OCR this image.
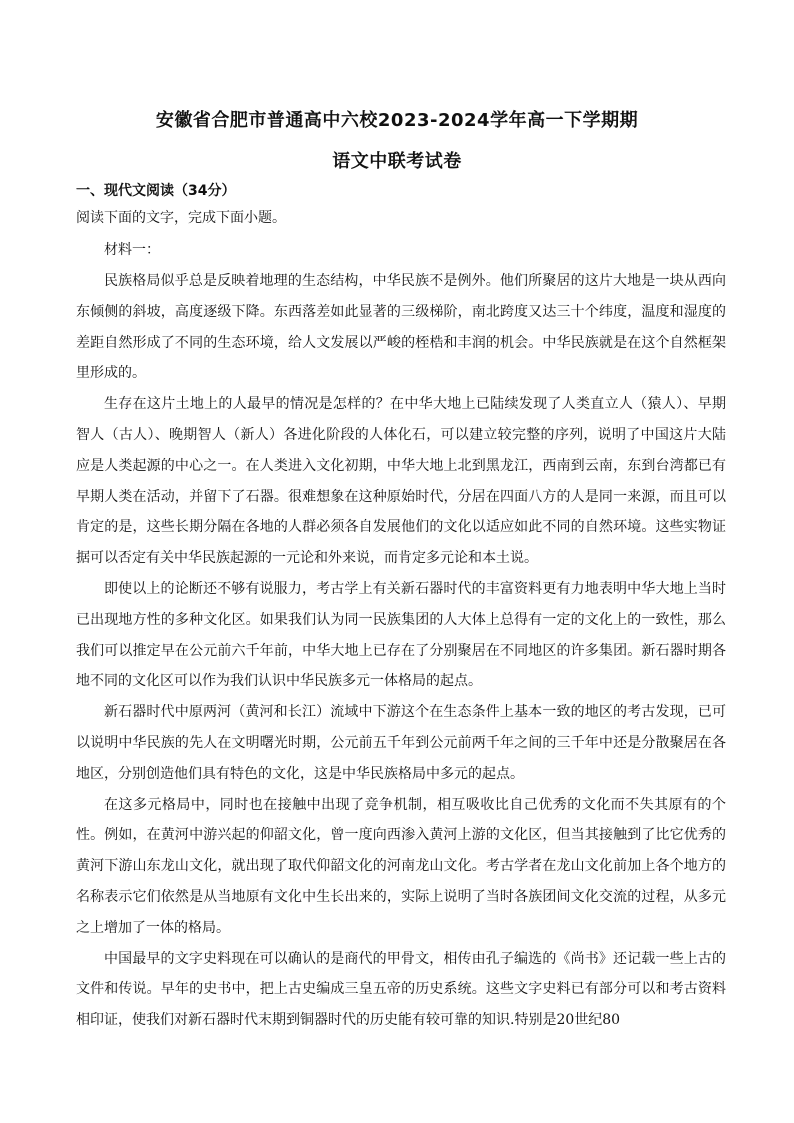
安徽省合肥市普通高中六校2023-2024学年高一下学期期
语文中联考试卷
一、现代文阅读（34分）
阅读下面的文字，完成下面小题。
材料一：

民族格局似乎总是反映着地理的生态结构，中华民族不是例外。他们所聚居的这片大地是一块从西向东倾侧的斜坡，高度逐级下降。东西落差如此显著的三级梯阶，南北跨度又达三十个纬度，温度和湿度的差距自然形成了不同的生态环境，给人文发展以严峻的桎梏和丰润的机会。中华民族就是在这个自然框架里形成的。

生存在这片土地上的人最早的情况是怎样的？在中华大地上已陆续发现了人类直立人（猿人）、早期智人（古人）、晚期智人（新人）各进化阶段的人体化石，可以建立较完整的序列，说明了中国这片大陆应是人类起源的中心之一。在人类进入文化初期，中华大地上北到黑龙江，西南到云南，东到台湾都已有早期人类在活动，并留下了石器。很难想象在这种原始时代，分居在四面八方的人是同一来源，而且可以肯定的是，这些长期分隔在各地的人群必须各自发展他们的文化以适应如此不同的自然环境。这些实物证据可以否定有关中华民族起源的一元论和外来说，而肯定多元论和本土说。

即使以上的论断还不够有说服力，考古学上有关新石器时代的丰富资料更有力地表明中华大地上当时已出现地方性的多种文化区。如果我们认为同一民族集团的人大体上总得有一定的文化上的一致性，那么我们可以推定早在公元前六千年前，中华大地上已存在了分别聚居在不同地区的许多集团。新石器时期各地不同的文化区可以作为我们认识中华民族多元一体格局的起点。

新石器时代中原两河（黄河和长江）流域中下游这个在生态条件上基本一致的地区的考古发现，已可以说明中华民族的先人在文明曙光时期，公元前五千年到公元前两千年之间的三千年中还是分散聚居在各地区，分别创造他们具有特色的文化，这是中华民族格局中多元的起点。

在这多元格局中，同时也在接触中出现了竞争机制，相互吸收比自己优秀的文化而不失其原有的个性。例如，在黄河中游兴起的仰韶文化，曾一度向西渗入黄河上游的文化区，但当其接触到了比它优秀的黄河下游山东龙山文化，就出现了取代仰韶文化的河南龙山文化。考古学者在龙山文化前加上各个地方的名称表示它们依然是从当地原有文化中生长出来的，实际上说明了当时各族团间文化交流的过程，从多元之上增加了一体的格局。

中国最早的文字史料现在可以确认的是商代的甲骨文，相传由孔子编选的《尚书》还记载一些上古的文件和传说。早年的史书中，把上古史编成三皇五帝的历史系统。这些文字史料已有部分可以和考古资料相印证，使我们对新石器时代末期到铜器时代的历史能有较可靠的知识.特别是20世纪80
